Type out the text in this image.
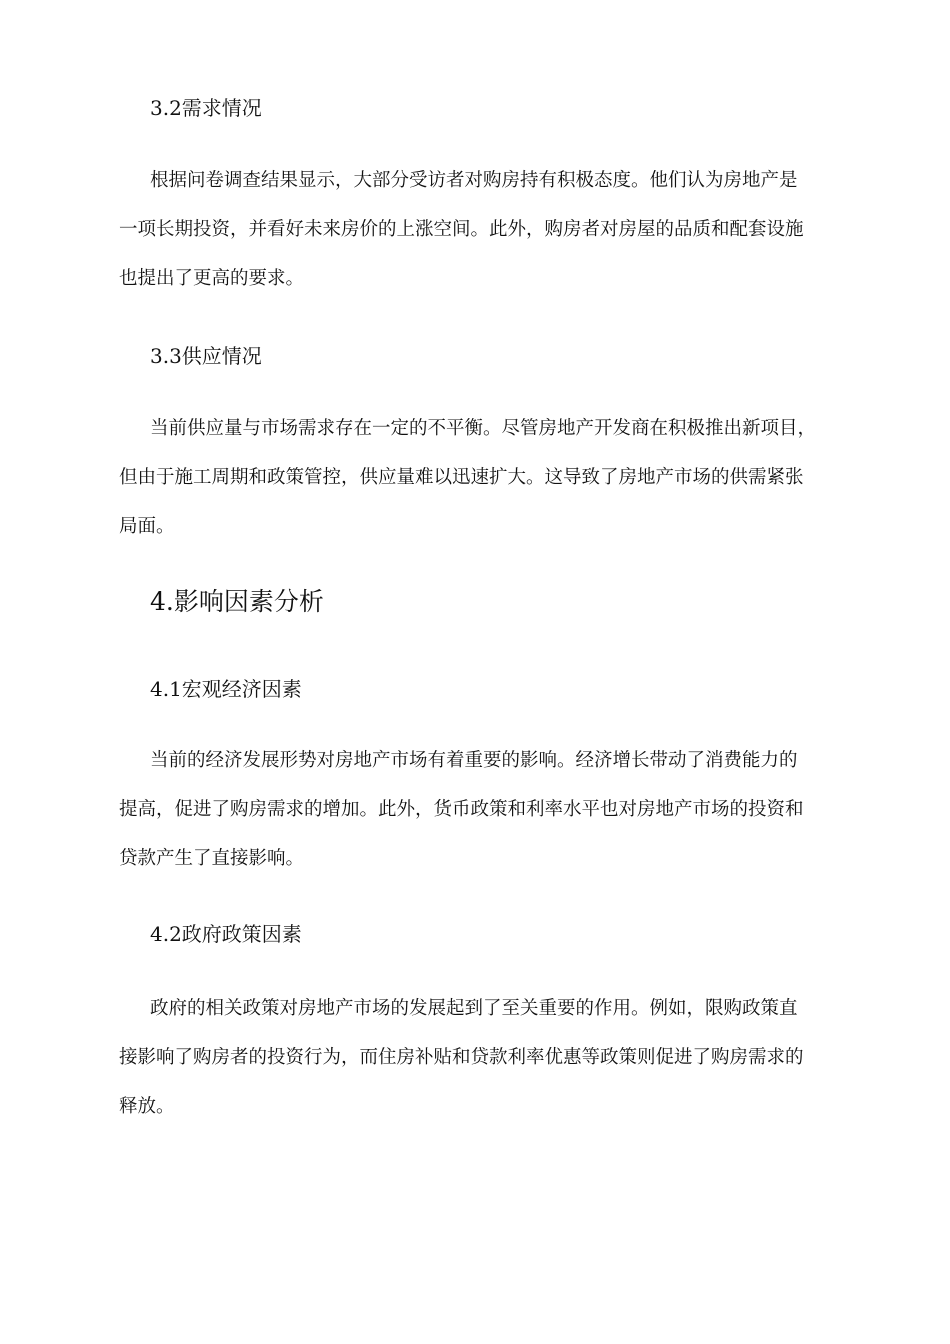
3.2需求情况
根据问卷调查结果显示，大部分受访者对购房持有积极态度。他们认为房地产是
一项长期投资，并看好未来房价的上涨空间。此外，购房者对房屋的品质和配套设施
也提出了更高的要求。
3.3供应情况
当前供应量与市场需求存在一定的不平衡。尽管房地产开发商在积极推出新项目，
但由于施工周期和政策管控，供应量难以迅速扩大。这导致了房地产市场的供需紧张
局面。
4.影响因素分析
4.1宏观经济因素
当前的经济发展形势对房地产市场有着重要的影响。经济增长带动了消费能力的
提高，促进了购房需求的增加。此外，货币政策和利率水平也对房地产市场的投资和
贷款产生了直接影响。
4.2政府政策因素
政府的相关政策对房地产市场的发展起到了至关重要的作用。例如，限购政策直
接影响了购房者的投资行为，而住房补贴和贷款利率优惠等政策则促进了购房需求的
释放。
